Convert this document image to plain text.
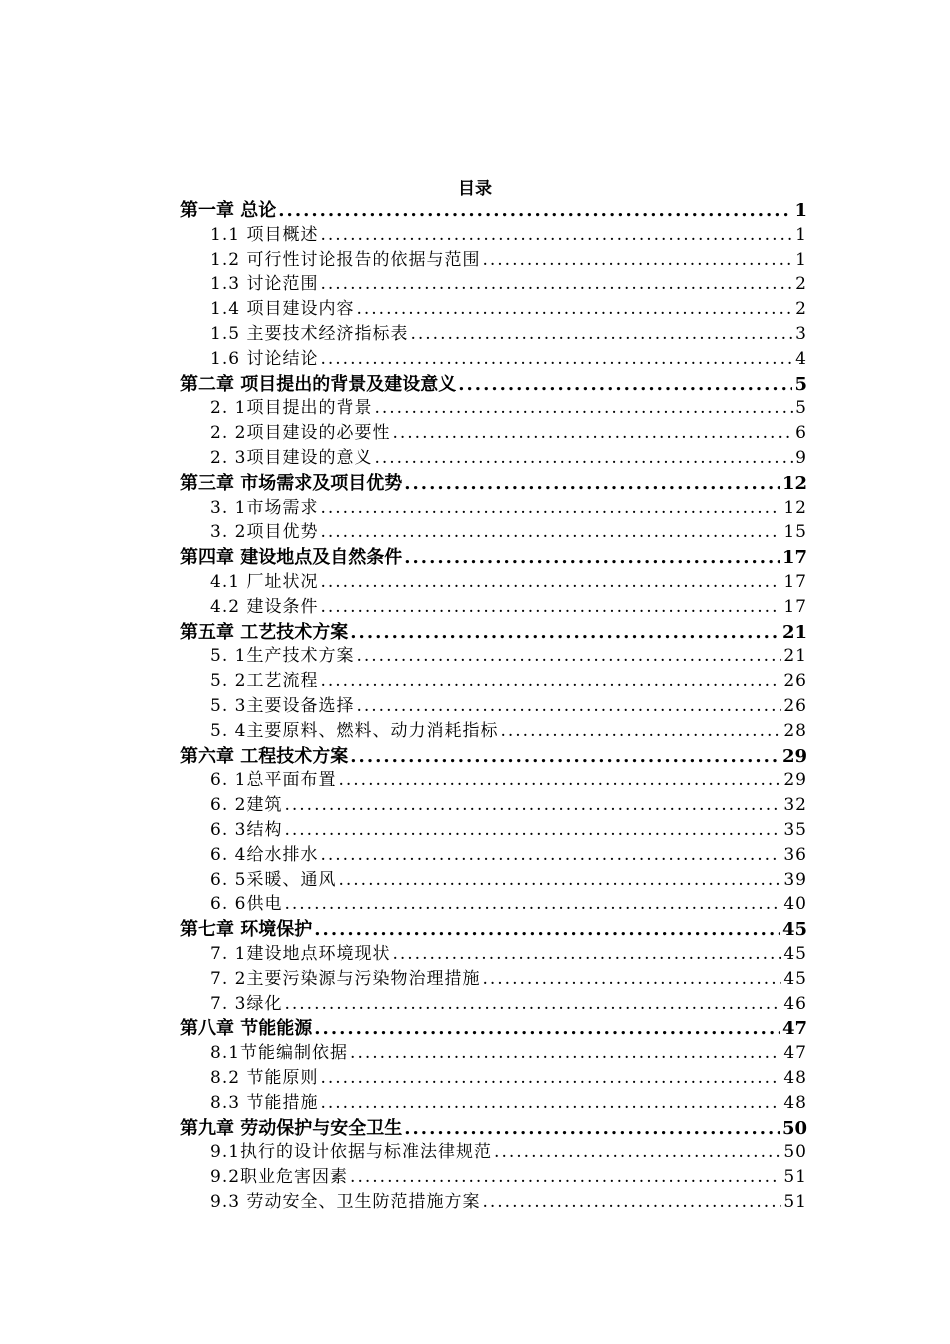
目录
第一章 总论 .....	1
1.1 项目概述 .....	1
1.2 可行性讨论报告的依据与范围 .....	1
1.3 讨论范围 .....	2
1.4 项目建设内容 .....	2
1.5 主要技术经济指标表 .....	3
1.6 讨论结论 .....	4
第二章 项目提出的背景及建设意义 .....	5
2. 1项目提出的背景 .....	5
2. 2项目建设的必要性 .....	6
2. 3项目建设的意义 .....	9
第三章 市场需求及项目优势 .....	12
3. 1市场需求 .....	12
3. 2项目优势 .....	15
第四章 建设地点及自然条件 .....	17
4.1 厂址状况 .....	17
4.2 建设条件 .....	17
第五章 工艺技术方案 .....	21
5. 1生产技术方案 .....	21
5. 2工艺流程 .....	26
5. 3主要设备选择 .....	26
5. 4主要原料、燃料、动力消耗指标 .....	28
第六章 工程技术方案 .....	29
6. 1总平面布置 .....	29
6. 2建筑 .....	32
6. 3结构 .....	35
6. 4给水排水 .....	36
6. 5采暖、通风 .....	39
6. 6供电 .....	40
第七章 环境保护 .....	45
7. 1建设地点环境现状 .....	45
7. 2主要污染源与污染物治理措施 .....	45
7. 3绿化 .....	46
第八章 节能能源 .....	47
8.1节能编制依据 .....	47
8.2 节能原则 .....	48
8.3 节能措施 .....	48
第九章 劳动保护与安全卫生 .....	50
9.1执行的设计依据与标准法律规范 .....	50
9.2职业危害因素 .....	51
9.3 劳动安全、卫生防范措施方案 .....	51
